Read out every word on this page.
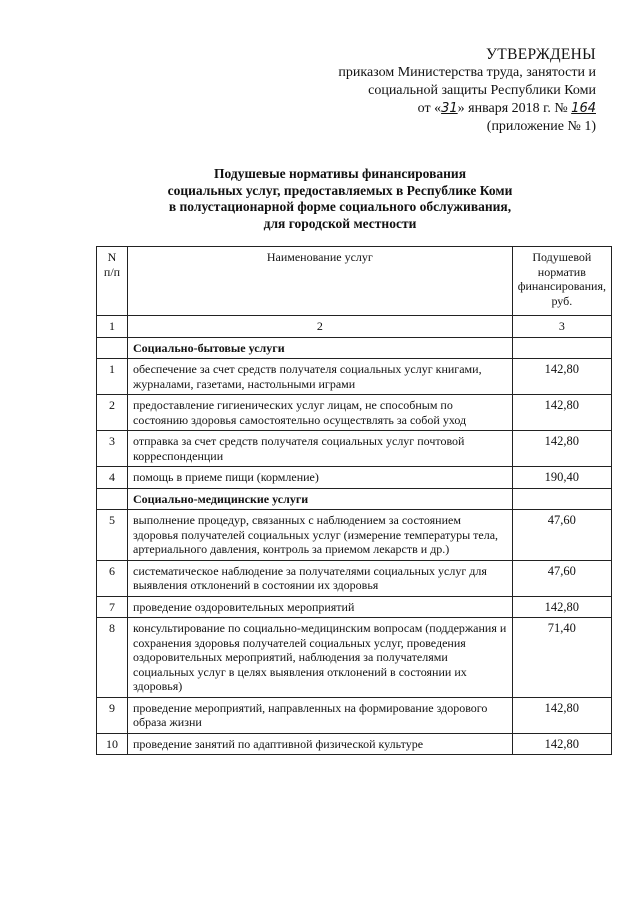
УТВЕРЖДЕНЫ
приказом Министерства труда, занятости и
социальной защиты Республики Коми
от «31» января 2018 г. № 164
(приложение № 1)
Подушевые нормативы финансирования
социальных услуг, предоставляемых в Республике Коми
в полустационарной форме социального обслуживания,
для городской местности
N п/п	Наименование услуг	Подушевой норматив финансирования, руб.
1	2	3
	Социально-бытовые услуги	
1	обеспечение за счет средств получателя социальных услуг книгами, журналами, газетами, настольными играми	142,80
2	предоставление гигиенических услуг лицам, не способным по состоянию здоровья самостоятельно осуществлять за собой уход	142,80
3	отправка за счет средств получателя социальных услуг почтовой корреспонденции	142,80
4	помощь в приеме пищи (кормление)	190,40
	Социально-медицинские услуги	
5	выполнение процедур, связанных с наблюдением за состоянием здоровья получателей социальных услуг (измерение температуры тела, артериального давления, контроль за приемом лекарств и др.)	47,60
6	систематическое наблюдение за получателями социальных услуг для выявления отклонений в состоянии их здоровья	47,60
7	проведение оздоровительных мероприятий	142,80
8	консультирование по социально-медицинским вопросам (поддержания и сохранения здоровья получателей социальных услуг, проведения оздоровительных мероприятий, наблюдения за получателями социальных услуг в целях выявления отклонений в состоянии их здоровья)	71,40
9	проведение мероприятий, направленных на формирование здорового образа жизни	142,80
10	проведение занятий по адаптивной физической культуре	142,80
